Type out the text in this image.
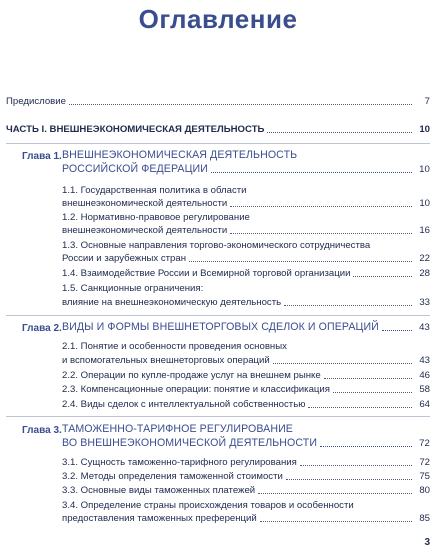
Оглавление
Предисловие	7
ЧАСТЬ I. ВНЕШНЕЭКОНОМИЧЕСКАЯ ДЕЯТЕЛЬНОСТЬ	10
Глава 1. ВНЕШНЕЭКОНОМИЧЕСКАЯ ДЕЯТЕЛЬНОСТЬ
РОССИЙСКОЙ ФЕДЕРАЦИИ	10
1.1. Государственная политика в области
внешнеэкономической деятельности	10
1.2. Нормативно-правовое регулирование
внешнеэкономической деятельности	16
1.3. Основные направления торгово-экономического сотрудничества
России и зарубежных стран	22
1.4. Взаимодействие России и Всемирной торговой организации	28
1.5. Санкционные ограничения:
влияние на внешнеэкономическую деятельность	33
Глава 2. ВИДЫ И ФОРМЫ ВНЕШНЕТОРГОВЫХ СДЕЛОК И ОПЕРАЦИЙ	43
2.1. Понятие и особенности проведения основных
и вспомогательных внешнеторговых операций	43
2.2. Операции по купле-продаже услуг на внешнем рынке	46
2.3. Компенсационные операции: понятие и классификация	58
2.4. Виды сделок с интеллектуальной собственностью	64
Глава 3. ТАМОЖЕННО-ТАРИФНОЕ РЕГУЛИРОВАНИЕ
ВО ВНЕШНЕЭКОНОМИЧЕСКОЙ ДЕЯТЕЛЬНОСТИ	72
3.1. Сущность таможенно-тарифного регулирования	72
3.2. Методы определения таможенной стоимости	75
3.3. Основные виды таможенных платежей	80
3.4. Определение страны происхождения товаров и особенности
предоставления таможенных преференций	85
3
